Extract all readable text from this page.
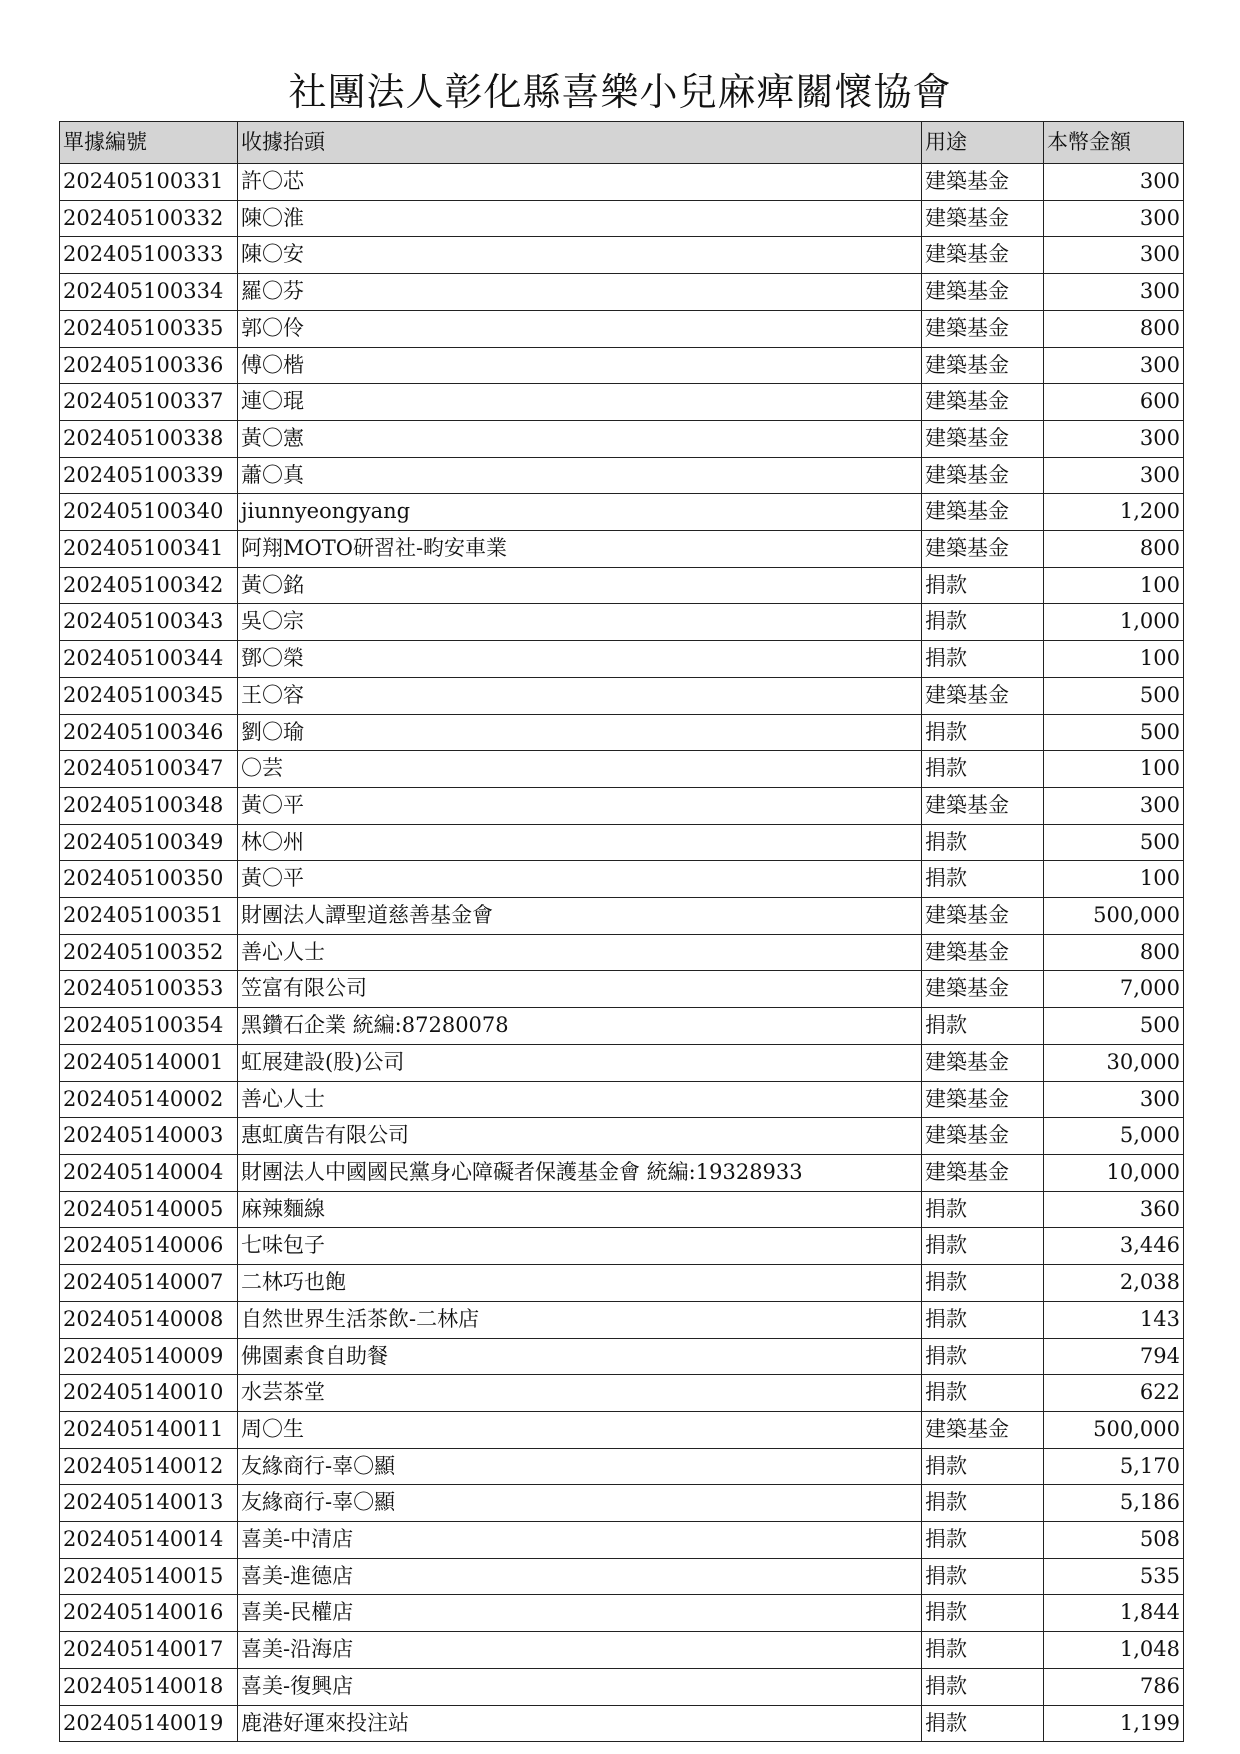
社團法人彰化縣喜樂小兒麻痺關懷協會
單據編號	收據抬頭	用途	本幣金額
202405100331	許〇芯	建築基金	300
202405100332	陳〇淮	建築基金	300
202405100333	陳〇安	建築基金	300
202405100334	羅〇芬	建築基金	300
202405100335	郭〇伶	建築基金	800
202405100336	傅〇楷	建築基金	300
202405100337	連〇琨	建築基金	600
202405100338	黃〇憲	建築基金	300
202405100339	蕭〇真	建築基金	300
202405100340	jiunnyeongyang	建築基金	1,200
202405100341	阿翔MOTO研習社-畇安車業	建築基金	800
202405100342	黃〇銘	捐款	100
202405100343	吳〇宗	捐款	1,000
202405100344	鄧〇榮	捐款	100
202405100345	王〇容	建築基金	500
202405100346	劉〇瑜	捐款	500
202405100347	〇芸	捐款	100
202405100348	黃〇平	建築基金	300
202405100349	林〇州	捐款	500
202405100350	黃〇平	捐款	100
202405100351	財團法人譚聖道慈善基金會	建築基金	500,000
202405100352	善心人士	建築基金	800
202405100353	笠富有限公司	建築基金	7,000
202405100354	黑鑽石企業 統編:87280078	捐款	500
202405140001	虹展建設(股)公司	建築基金	30,000
202405140002	善心人士	建築基金	300
202405140003	惠虹廣告有限公司	建築基金	5,000
202405140004	財團法人中國國民黨身心障礙者保護基金會 統編:19328933	建築基金	10,000
202405140005	麻辣麵線	捐款	360
202405140006	七味包子	捐款	3,446
202405140007	二林巧也飽	捐款	2,038
202405140008	自然世界生活茶飲-二林店	捐款	143
202405140009	佛園素食自助餐	捐款	794
202405140010	水芸茶堂	捐款	622
202405140011	周〇生	建築基金	500,000
202405140012	友緣商行-辜〇顯	捐款	5,170
202405140013	友緣商行-辜〇顯	捐款	5,186
202405140014	喜美-中清店	捐款	508
202405140015	喜美-進德店	捐款	535
202405140016	喜美-民權店	捐款	1,844
202405140017	喜美-沿海店	捐款	1,048
202405140018	喜美-復興店	捐款	786
202405140019	鹿港好運來投注站	捐款	1,199
